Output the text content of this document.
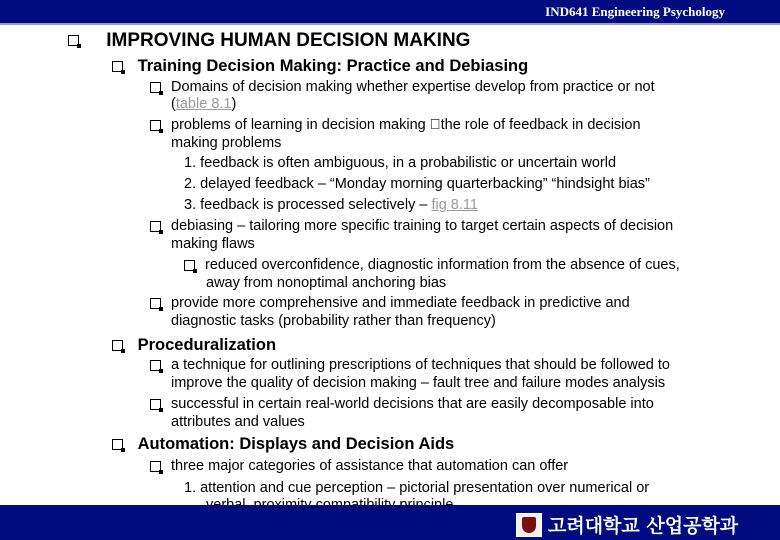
IND641 Engineering Psychology
IMPROVING HUMAN DECISION MAKING
Training Decision Making: Practice and Debiasing
Domains of decision making whether expertise develop from practice or not
(table 8.1)
problems of learning in decision making  the role of feedback in decision
making problems
1. feedback is often ambiguous, in a probabilistic or uncertain world
2. delayed feedback – “Monday morning quarterbacking” “hindsight bias”
3. feedback is processed selectively – fig 8.11
debiasing – tailoring more specific training to target certain aspects of decision
making flaws
reduced overconfidence, diagnostic information from the absence of cues,
away from nonoptimal anchoring bias
provide more comprehensive and immediate feedback in predictive and
diagnostic tasks (probability rather than frequency)
Proceduralization
a technique for outlining prescriptions of techniques that should be followed to
improve the quality of decision making – fault tree and failure modes analysis
successful in certain real-world decisions that are easily decomposable into
attributes and values
Automation: Displays and Decision Aids
three major categories of assistance that automation can offer
1. attention and cue perception – pictorial presentation over numerical or
고려대학교 산업공학과
